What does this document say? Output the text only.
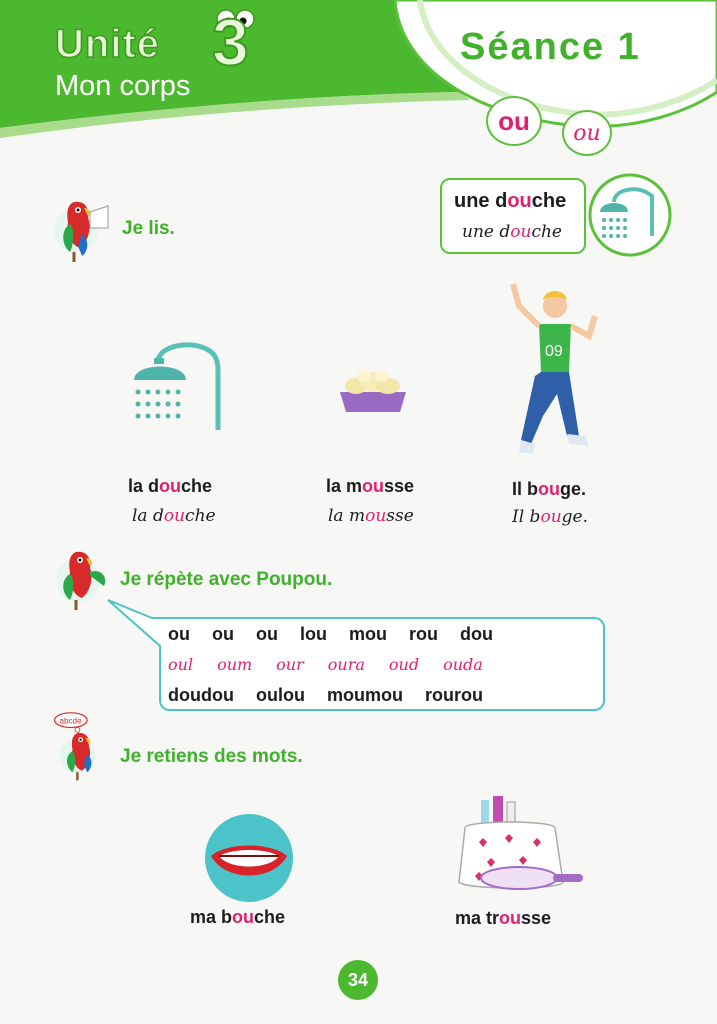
Unité 3
Mon corps
Séance 1
ou ou
une douche
une douche
Je lis.
09
la douche
la douche
la mousse
la mousse
Il bouge.
Il bouge.
Je répète avec Poupou.
ou ou ou lou mou rou dou
oul oum our oura oud ouda
doudou oulou moumou rourou
abcde
Je retiens des mots.
ma bouche	ma trousse
34
